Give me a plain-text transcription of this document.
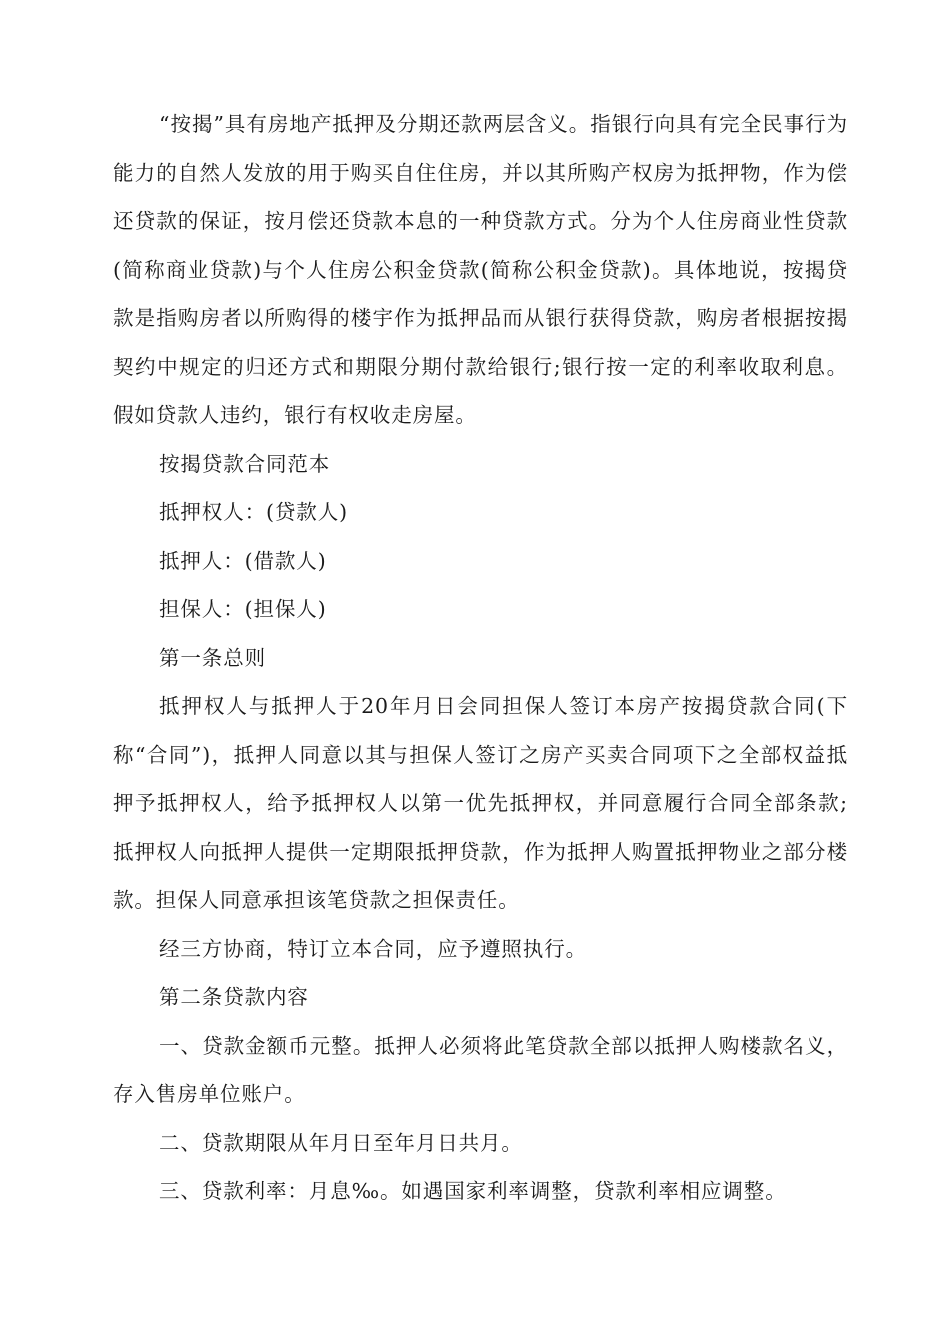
“按揭”具有房地产抵押及分期还款两层含义。指银行向具有完全民事行为能力的自然人发放的用于购买自住住房，并以其所购产权房为抵押物，作为偿还贷款的保证，按月偿还贷款本息的一种贷款方式。分为个人住房商业性贷款(简称商业贷款)与个人住房公积金贷款(简称公积金贷款)。具体地说，按揭贷款是指购房者以所购得的楼宇作为抵押品而从银行获得贷款，购房者根据按揭契约中规定的归还方式和期限分期付款给银行;银行按一定的利率收取利息。假如贷款人违约，银行有权收走房屋。

按揭贷款合同范本

抵押权人：(贷款人)

抵押人：(借款人)

担保人：(担保人)

第一条总则

抵押权人与抵押人于20年月日会同担保人签订本房产按揭贷款合同(下称“合同”)，抵押人同意以其与担保人签订之房产买卖合同项下之全部权益抵押予抵押权人，给予抵押权人以第一优先抵押权，并同意履行合同全部条款;抵押权人向抵押人提供一定期限抵押贷款，作为抵押人购置抵押物业之部分楼款。担保人同意承担该笔贷款之担保责任。

经三方协商，特订立本合同，应予遵照执行。

第二条贷款内容

一、贷款金额币元整。抵押人必须将此笔贷款全部以抵押人购楼款名义，存入售房单位账户。

二、贷款期限从年月日至年月日共月。

三、贷款利率：月息‰。如遇国家利率调整，贷款利率相应调整。
